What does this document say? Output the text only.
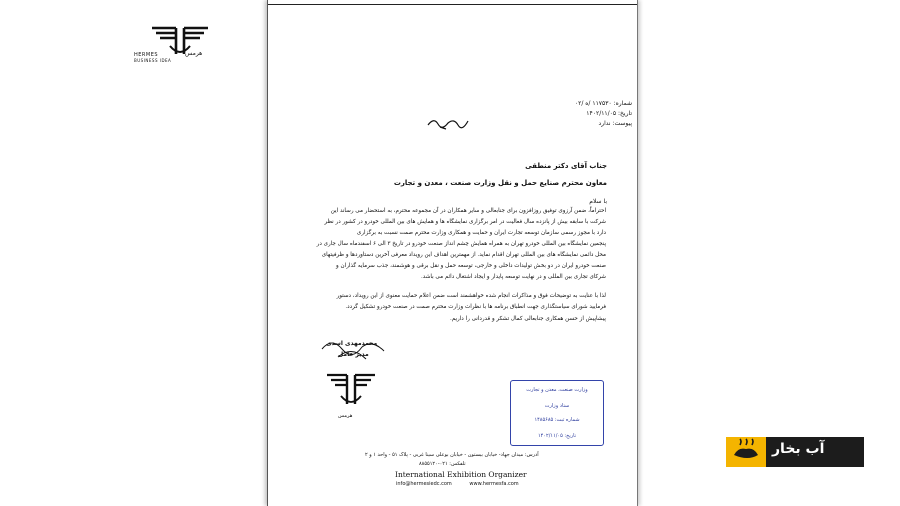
HERMES
BUSINESS IDEA
هرمس
شماره: ۱۱۷۵۳۰ /ه /۰۲
تاریخ: ۱۴۰۲/۱۱/۰۵
پیوست: ندارد
جناب آقای دکتر منطقی
معاون محترم صنایع حمل و نقل وزارت صنعت ، معدن و تجارت
با سلام
احتراماً، ضمن آرزوی توفیق روزافزون برای جنابعالی و سایر همکاران در آن مجموعه محترم، به استحضار می رساند این
شرکت با سابقه بیش از پانزده سال فعالیت در امر برگزاری نمایشگاه ها و همایش های بین المللی خودرو در کشور در نظر
دارد با مجوز رسمی سازمان توسعه تجارت ایران و حمایت و همکاری وزارت محترم صمت نسبت به برگزاری
پنجمین نمایشگاه بین المللی خودرو تهران به همراه همایش چشم انداز صنعت خودرو در تاریخ ۳ الی ۶ اسفندماه سال جاری در
محل دائمی نمایشگاه های بین المللی تهران اقدام نماید. از مهمترین اهداف این رویداد معرفی آخرین دستاوردها و ظرفیتهای
صنعت خودرو ایران در دو بخش تولیدات داخلی و خارجی، توسعه حمل و نقل برقی و هوشمند، جذب سرمایه گذاران و
شرکای تجاری بین المللی و در نهایت توسعه پایدار و ایجاد اشتغال دائم می باشد.
لذا با عنایت به توضیحات فوق و مذاکرات انجام شده خواهشمند است ضمن اعلام حمایت معنوی از این رویداد، دستور
فرمایید شورای سیاستگذاری جهت انطباق برنامه ها با نظرات وزارت محترم صمت در صنعت خودرو تشکیل گردد.
پیشاپیش از حسن همکاری جنابعالی کمال تشکر و قدردانی را داریم.
محمدمهدی اسدی
مدیر عامل
هرمس
وزارت صنعت، معدن و تجارت
ستاد وزارت
شماره ثبت: ۱۴۸۵۶۸۵
تاریخ: ۱۴۰۲/۱۱/۰۵
آدرس: میدان جهاد- خیابان بیستون - خیابان بوعلی سینا غربی - پلاک ۵۱ - واحد ۱ و ۲
تلفکس: ۰۲۱-۸۸۵۵۱۲۰
International Exhibition Organizer
info@hermesiedc.com	www.hermesfa.com
آب بخار
